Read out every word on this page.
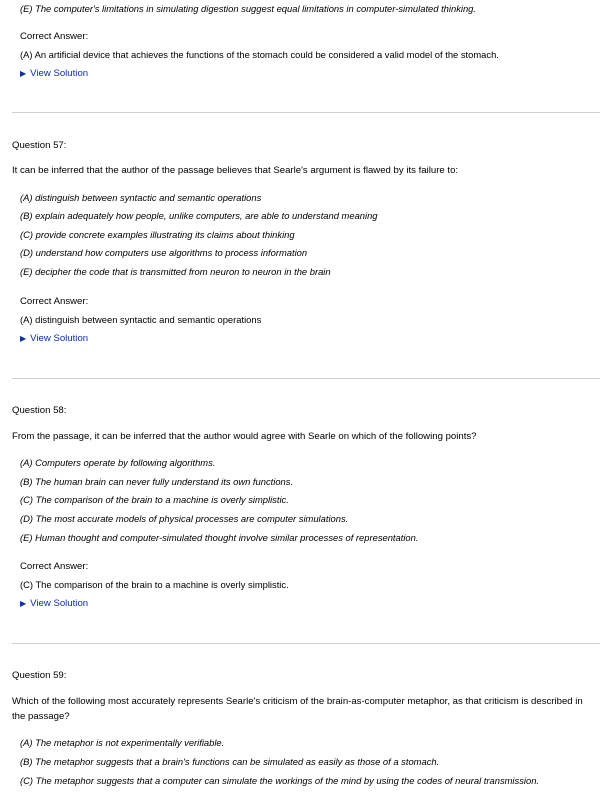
(E) The computer's limitations in simulating digestion suggest equal limitations in computer-simulated thinking.
Correct Answer:
(A) An artificial device that achieves the functions of the stomach could be considered a valid model of the stomach.
▶ View Solution
Question 57:
It can be inferred that the author of the passage believes that Searle's argument is flawed by its failure to:
(A) distinguish between syntactic and semantic operations
(B) explain adequately how people, unlike computers, are able to understand meaning
(C) provide concrete examples illustrating its claims about thinking
(D) understand how computers use algorithms to process information
(E) decipher the code that is transmitted from neuron to neuron in the brain
Correct Answer:
(A) distinguish between syntactic and semantic operations
▶ View Solution
Question 58:
From the passage, it can be inferred that the author would agree with Searle on which of the following points?
(A) Computers operate by following algorithms.
(B) The human brain can never fully understand its own functions.
(C) The comparison of the brain to a machine is overly simplistic.
(D) The most accurate models of physical processes are computer simulations.
(E) Human thought and computer-simulated thought involve similar processes of representation.
Correct Answer:
(C) The comparison of the brain to a machine is overly simplistic.
▶ View Solution
Question 59:
Which of the following most accurately represents Searle's criticism of the brain-as-computer metaphor, as that criticism is described in the passage?
(A) The metaphor is not experimentally verifiable.
(B) The metaphor suggests that a brain's functions can be simulated as easily as those of a stomach.
(C) The metaphor suggests that a computer can simulate the workings of the mind by using the codes of neural transmission.
